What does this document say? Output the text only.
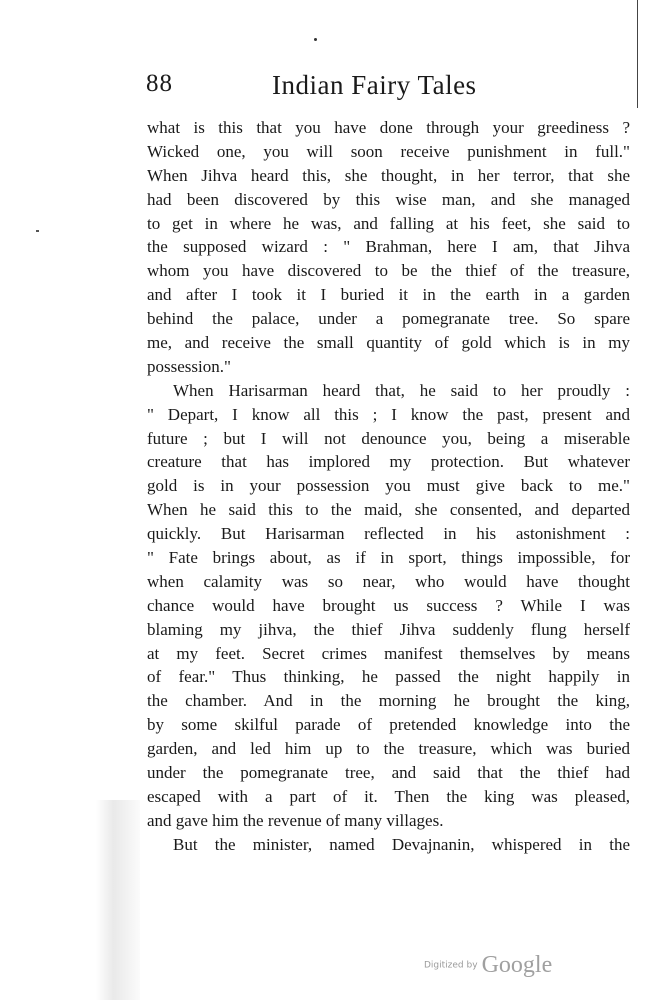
88	Indian Fairy Tales
what is this that you have done through your greediness ?
Wicked one, you will soon receive punishment in full."
When Jihva heard this, she thought, in her terror, that she
had been discovered by this wise man, and she managed
to get in where he was, and falling at his feet, she said to
the supposed wizard : " Brahman, here I am, that Jihva
whom you have discovered to be the thief of the treasure,
and after I took it I buried it in the earth in a garden
behind the palace, under a pomegranate tree. So spare
me, and receive the small quantity of gold which is in my
possession."
When Harisarman heard that, he said to her proudly :
" Depart, I know all this ; I know the past, present and
future ; but I will not denounce you, being a miserable
creature that has implored my protection. But whatever
gold is in your possession you must give back to me."
When he said this to the maid, she consented, and departed
quickly. But Harisarman reflected in his astonishment :
" Fate brings about, as if in sport, things impossible, for
when calamity was so near, who would have thought
chance would have brought us success ? While I was
blaming my jihva, the thief Jihva suddenly flung herself
at my feet. Secret crimes manifest themselves by means
of fear." Thus thinking, he passed the night happily in
the chamber. And in the morning he brought the king,
by some skilful parade of pretended knowledge into the
garden, and led him up to the treasure, which was buried
under the pomegranate tree, and said that the thief had
escaped with a part of it. Then the king was pleased,
and gave him the revenue of many villages.
But the minister, named Devajnanin, whispered in the
Digitized by Google
